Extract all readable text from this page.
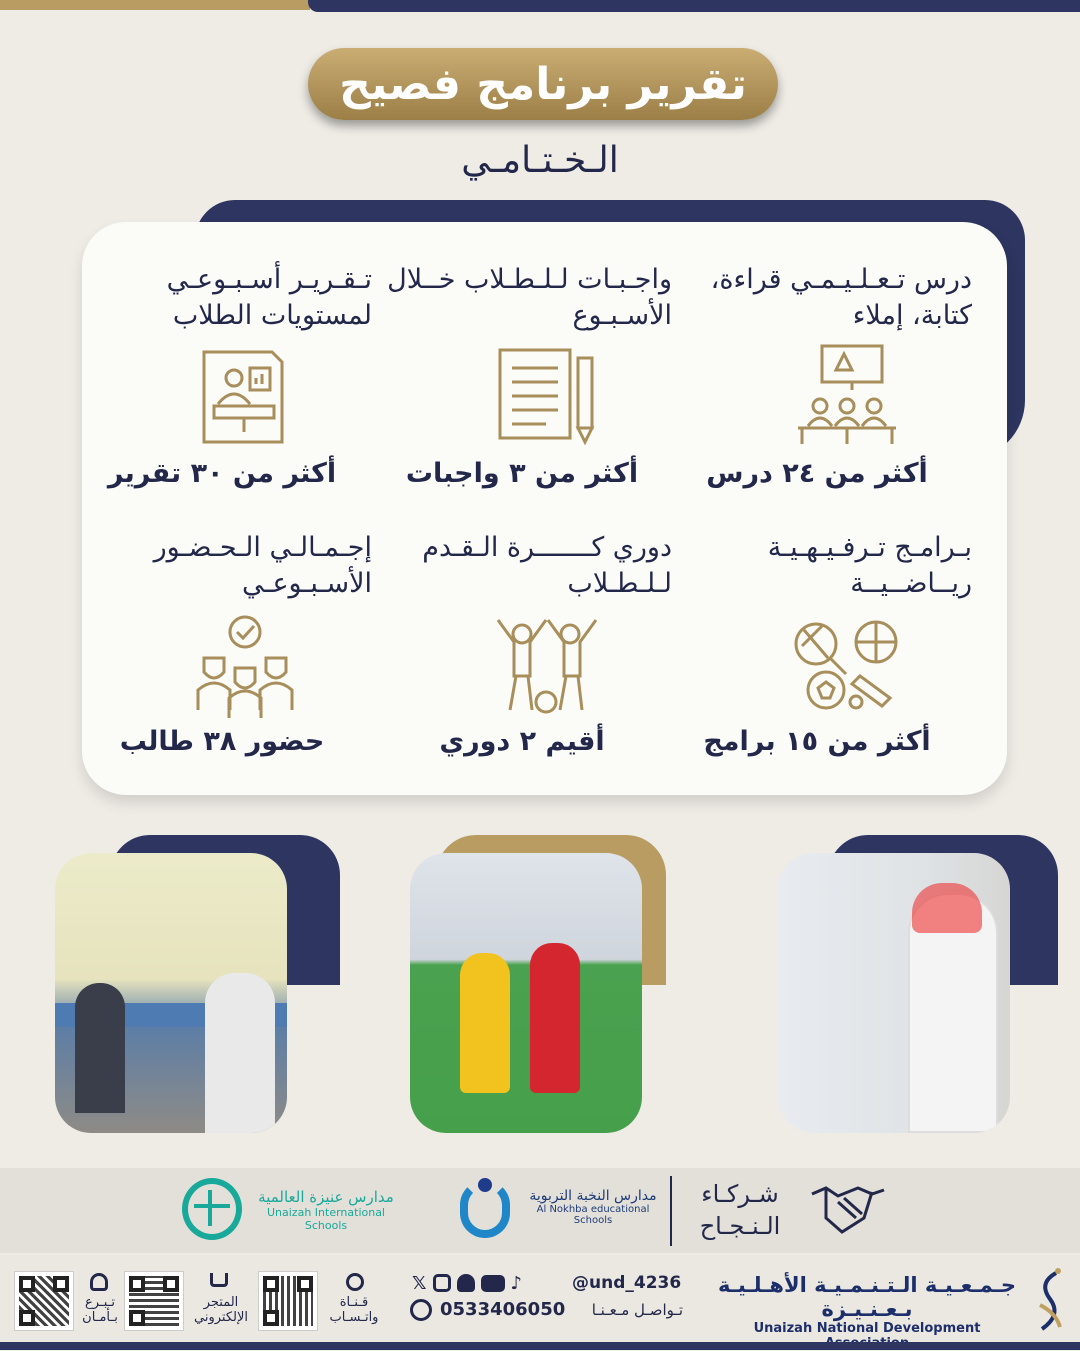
تقرير برنامج فصيح
الـخـتـامـي
درس تـعـلـيـمـي قراءة، كتابة، إملاء
أكثر من ٢٤ درس
واجـبـات لـلـطـلاب خــلال الأسـبـوع
أكثر من ٣ واجبات
تـقـريـر أسـبـوعـي لمستويات الطلاب
أكثر من ٣٠ تقرير
بـرامـج تـرفـيـهـيـة ريــاضــيــة
أكثر من ١٥ برامج
دوري كـــــــرة الـقـدم لـلـطـلاب
أقيم ٢ دوري
إجـمـالـي الـحـضـور الأسـبـوعـي
حضور ٣٨ طالب
شـركـاء
الـنـجـاح
مدارس النخبة التربوية
Al Nokhba educational Schools
مدارس عنيزة العالمية
Unaizah International Schools
جـمـعـيـة الـتـنـمـيـة الأهـلـيـة بـعـنـيـزة
Unaizah National Development
@und_4236
تـواصـل مـعـنـا
𝕏	♪
0533406050
قـنـاة واتـسـاب
المتجر الإلكتروني
تـبـرع بـأمـان
